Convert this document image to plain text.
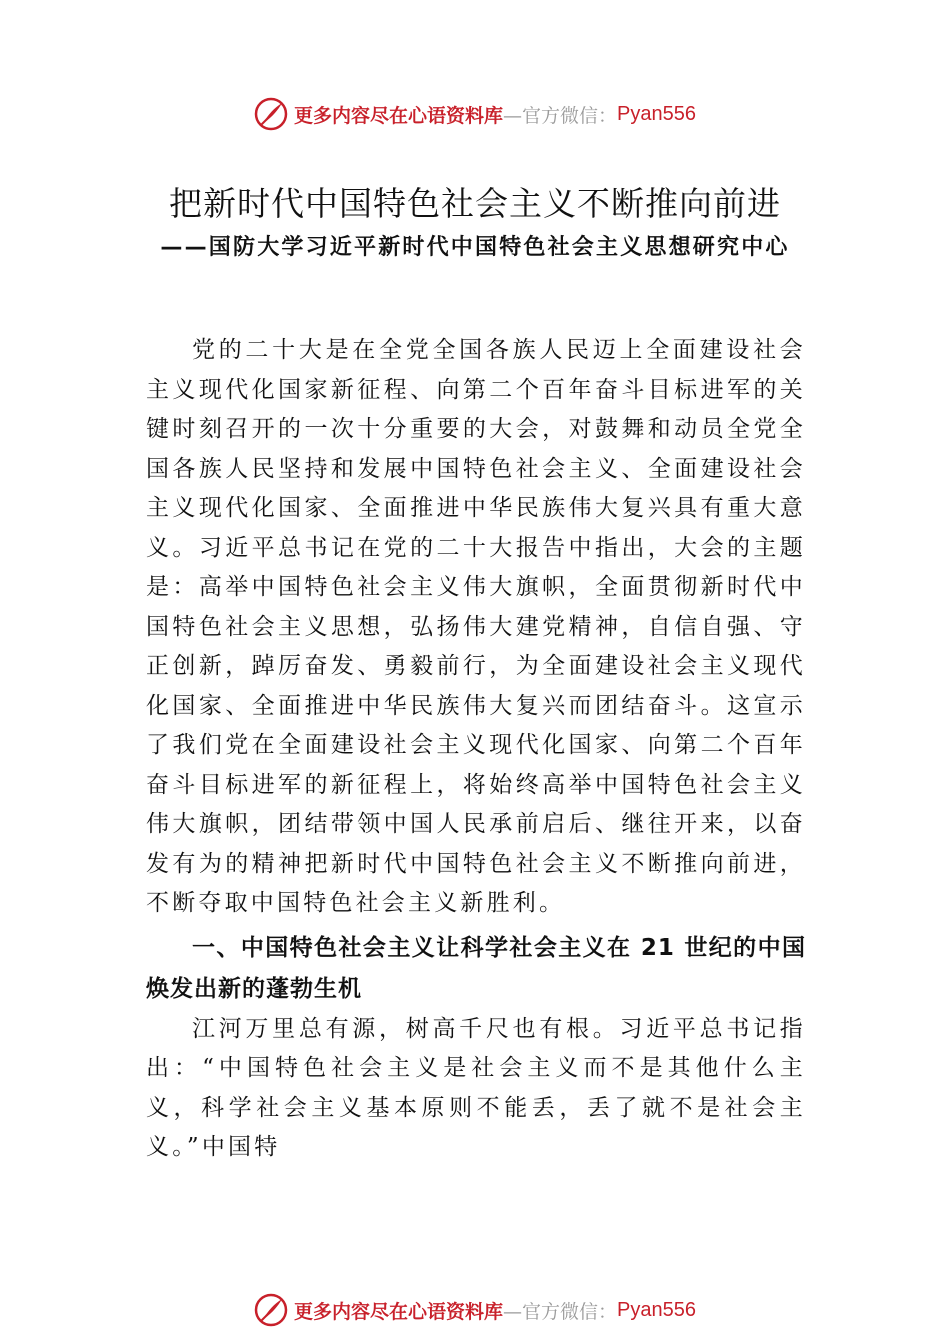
更多内容尽在心语资料库 —官方微信： Pyan556
把新时代中国特色社会主义不断推向前进
——国防大学习近平新时代中国特色社会主义思想研究中心

党的二十大是在全党全国各族人民迈上全面建设社会主义现代化国家新征程、向第二个百年奋斗目标进军的关键时刻召开的一次十分重要的大会，对鼓舞和动员全党全国各族人民坚持和发展中国特色社会主义、全面建设社会主义现代化国家、全面推进中华民族伟大复兴具有重大意义。习近平总书记在党的二十大报告中指出，大会的主题是：高举中国特色社会主义伟大旗帜，全面贯彻新时代中国特色社会主义思想，弘扬伟大建党精神，自信自强、守正创新，踔厉奋发、勇毅前行，为全面建设社会主义现代化国家、全面推进中华民族伟大复兴而团结奋斗。这宣示了我们党在全面建设社会主义现代化国家、向第二个百年奋斗目标进军的新征程上，将始终高举中国特色社会主义伟大旗帜，团结带领中国人民承前启后、继往开来，以奋发有为的精神把新时代中国特色社会主义不断推向前进，不断夺取中国特色社会主义新胜利。

一、中国特色社会主义让科学社会主义在 21 世纪的中国焕发出新的蓬勃生机

江河万里总有源，树高千尺也有根。习近平总书记指出：“中国特色社会主义是社会主义而不是其他什么主义，科学社会主义基本原则不能丢，丢了就不是社会主义。”中国特

更多内容尽在心语资料库 —官方微信： Pyan556
